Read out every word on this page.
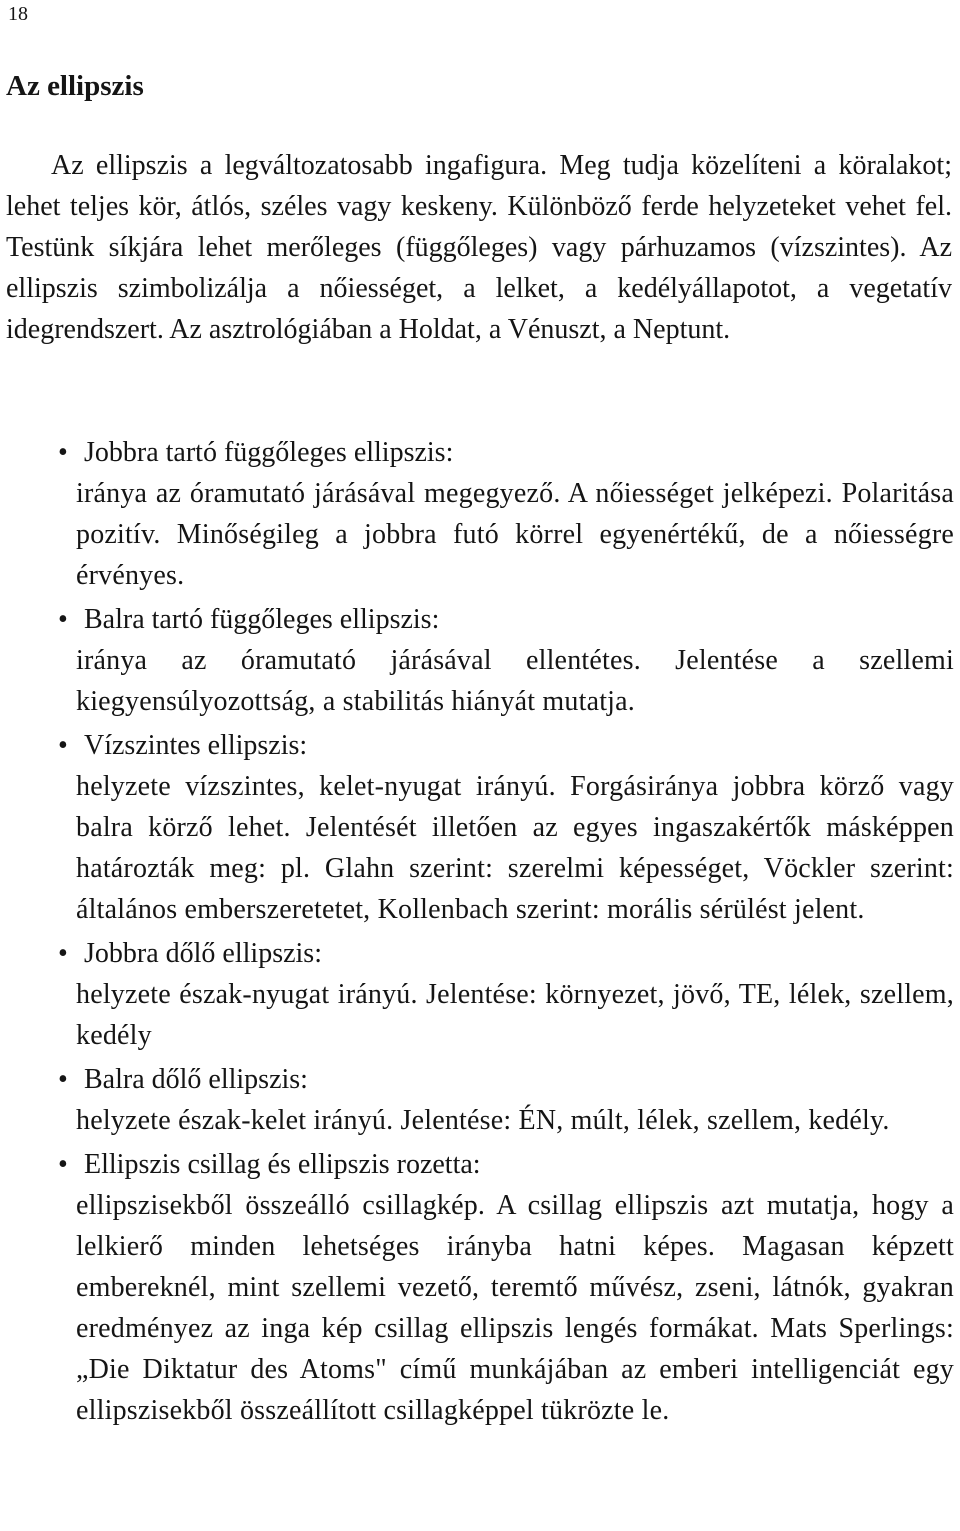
18
Az ellipszis

Az ellipszis a legváltozatosabb ingafigura. Meg tudja közelíteni a köralakot; lehet teljes kör, átlós, széles vagy keskeny. Különböző ferde helyzeteket vehet fel. Testünk síkjára lehet merőleges (függőleges) vagy párhuzamos (vízszintes). Az ellipszis szimbolizálja a nőiességet, a lelket, a kedélyállapotot, a vegetatív idegrendszert. Az asztrológiában a Holdat, a Vénuszt, a Neptunt.

• Jobbra tartó függőleges ellipszis:

iránya az óramutató járásával megegyező. A nőiességet jelképezi. Polaritása pozitív. Minőségileg a jobbra futó körrel egyenértékű, de a nőiességre érvényes.

• Balra tartó függőleges ellipszis:

iránya az óramutató járásával ellentétes. Jelentése a szellemi kiegyensúlyozottság, a stabilitás hiányát mutatja.

• Vízszintes ellipszis:

helyzete vízszintes, kelet-nyugat irányú. Forgásiránya jobbra körző vagy balra körző lehet. Jelentését illetően az egyes ingaszakértők másképpen határozták meg: pl. Glahn szerint: szerelmi képességet, Vöckler szerint: általános emberszeretetet, Kollenbach szerint: morális sérülést jelent.

• Jobbra dőlő ellipszis:

helyzete észak-nyugat irányú. Jelentése: környezet, jövő, TE, lélek, szellem, kedély

• Balra dőlő ellipszis:

helyzete észak-kelet irányú. Jelentése: ÉN, múlt, lélek, szellem, kedély.

• Ellipszis csillag és ellipszis rozetta:

ellipszisekből összeálló csillagkép. A csillag ellipszis azt mutatja, hogy a lelkierő minden lehetséges irányba hatni képes. Magasan képzett embereknél, mint szellemi vezető, teremtő művész, zseni, látnók, gyakran eredményez az inga kép csillag ellipszis lengés formákat. Mats Sperlings: „Die Diktatur des Atoms" című munkájában az emberi intelligenciát egy ellipszisekből összeállított csillagképpel tükrözte le.
